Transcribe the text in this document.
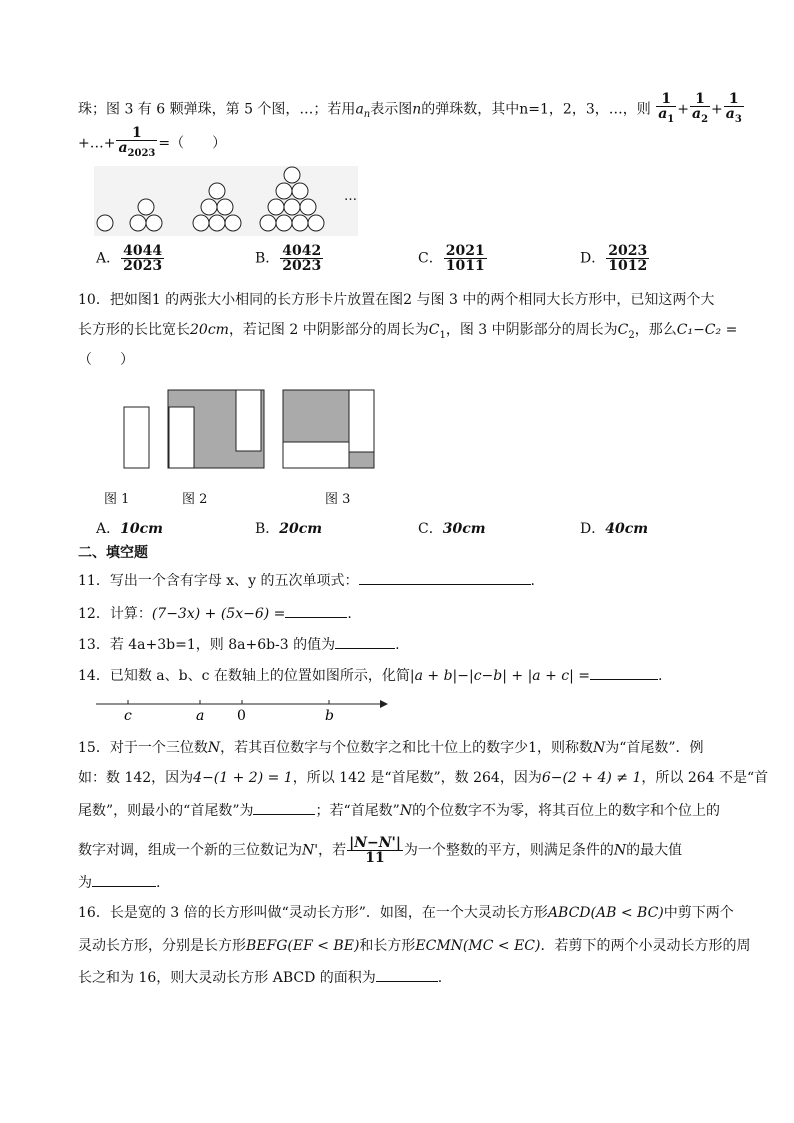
珠；图 3 有 6 颗弹珠，第 5 个图，…；若用$a_n$表示图n的弹珠数，其中n=1，2，3，…，则 $\frac{1}{a_1} + \frac{1}{a_2} + \frac{1}{a_3}$
+…+ $\frac{1}{a_{2023}}$ =（　　）
…
A． $\frac{4044}{2023}$	B． $\frac{4042}{2023}$	C． $\frac{2021}{1011}$	D． $\frac{2023}{1012}$
10．把如图1 的两张大小相同的长方形卡片放置在图2 与图 3 中的两个相同大长方形中，已知这两个大
长方形的长比宽长20cm，若记图 2 中阴影部分的周长为$C_1$，图 3 中阴影部分的周长为$C_2$，那么C₁−C₂ =
（　　）
图 1	图 2	图 3
A．10cm	B．20cm	C．30cm	D．40cm
二、填空题
11．写出一个含有字母 x、y 的五次单项式：	.
12．计算：(7−3x) + (5x−6) =	.
13．若 4a+3b=1，则 8a+6b-3 的值为	.
14．已知数 a、b、c 在数轴上的位置如图所示，化简|a + b|−|c−b| + |a + c| =	.
c	a 0	b
15．对于一个三位数N，若其百位数字与个位数字之和比十位上的数字少1，则称数N为“首尾数”．例
如：数 142，因为4−(1 + 2) = 1，所以 142 是“首尾数”，数 264，因为6−(2 + 4) ≠ 1，所以 264 不是“首
尾数”，则最小的“首尾数”为	；若“首尾数”N的个位数字不为零，将其百位上的数字和个位上的
数字对调，组成一个新的三位数记为N'，若 $\frac{|N-N'|}{11}$ 为一个整数的平方，则满足条件的N的最大值
为	.
16．长是宽的 3 倍的长方形叫做“灵动长方形”．如图，在一个大灵动长方形ABCD(AB < BC)中剪下两个
灵动长方形，分别是长方形BEFG(EF < BE)和长方形ECMN(MC < EC)．若剪下的两个小灵动长方形的周
长之和为 16，则大灵动长方形 ABCD 的面积为	.
